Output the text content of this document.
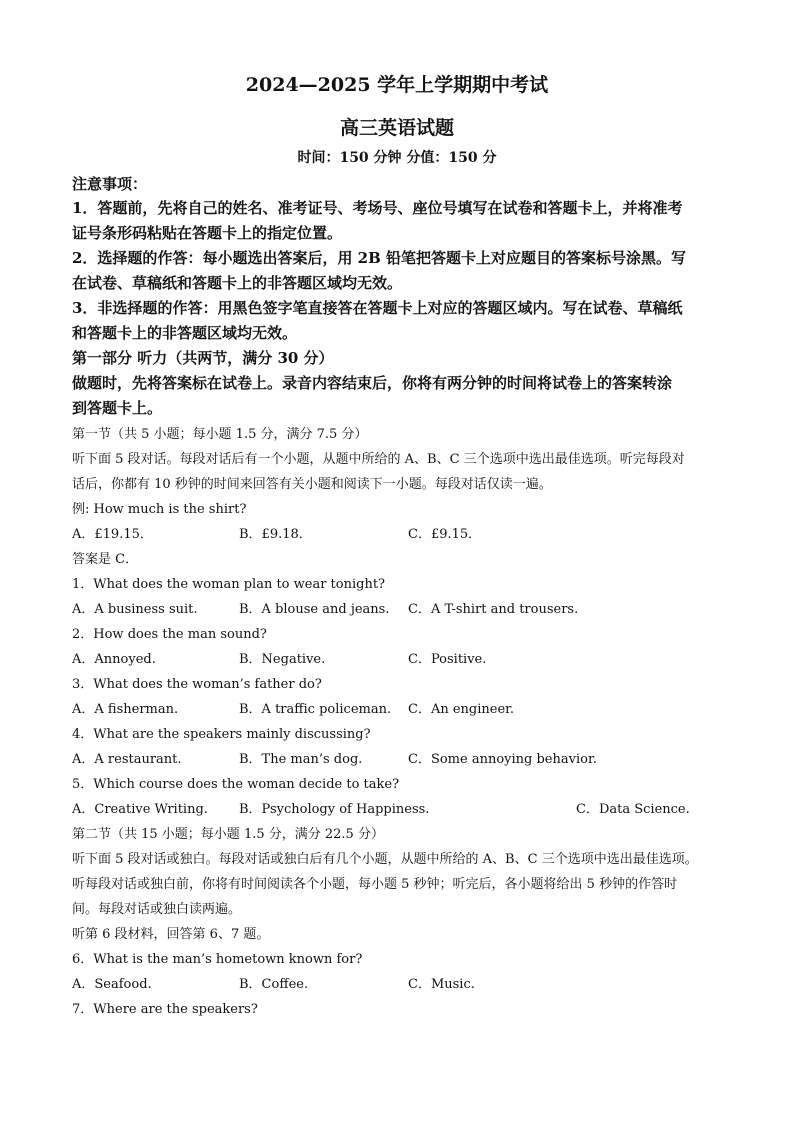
2024—2025 学年上学期期中考试
高三英语试题
时间：150 分钟 分值：150 分
注意事项：
1．答题前，先将自己的姓名、准考证号、考场号、座位号填写在试卷和答题卡上，并将准考
证号条形码粘贴在答题卡上的指定位置。
2．选择题的作答：每小题选出答案后，用 2B 铅笔把答题卡上对应题目的答案标号涂黑。写
在试卷、草稿纸和答题卡上的非答题区域均无效。
3．非选择题的作答：用黑色签字笔直接答在答题卡上对应的答题区域内。写在试卷、草稿纸
和答题卡上的非答题区域均无效。
第一部分 听力（共两节，满分 30 分）
做题时，先将答案标在试卷上。录音内容结束后，你将有两分钟的时间将试卷上的答案转涂
到答题卡上。
第一节（共 5 小题；每小题 1.5 分，满分 7.5 分）
听下面 5 段对话。每段对话后有一个小题，从题中所给的 A、B、C 三个选项中选出最佳选项。听完每段对
话后，你都有 10 秒钟的时间来回答有关小题和阅读下一小题。每段对话仅读一遍。
例: How much is the shirt?
A．£19.15．	B．£9.18．	C．£9.15．
答案是 C．
1．What does the woman plan to wear tonight?
A．A business suit.	B．A blouse and jeans. C．A T-shirt and trousers.
2．How does the man sound?
A．Annoyed.	B．Negative.	C．Positive.
3．What does the woman’s father do?
A．A fisherman.	B．A traffic policeman. C．An engineer.
4．What are the speakers mainly discussing?
A．A restaurant.	B．The man’s dog.	C．Some annoying behavior.
5．Which course does the woman decide to take?
A．Creative Writing. B．Psychology of Happiness.	C．Data Science.
第二节（共 15 小题；每小题 1.5 分，满分 22.5 分）
听下面 5 段对话或独白。每段对话或独白后有几个小题，从题中所给的 A、B、C 三个选项中选出最佳选项。
听每段对话或独白前，你将有时间阅读各个小题，每小题 5 秒钟；听完后，各小题将给出 5 秒钟的作答时
间。每段对话或独白读两遍。
听第 6 段材料，回答第 6、7 题。
6．What is the man’s hometown known for?
A．Seafood.	B．Coffee.	C．Music.
7．Where are the speakers?
